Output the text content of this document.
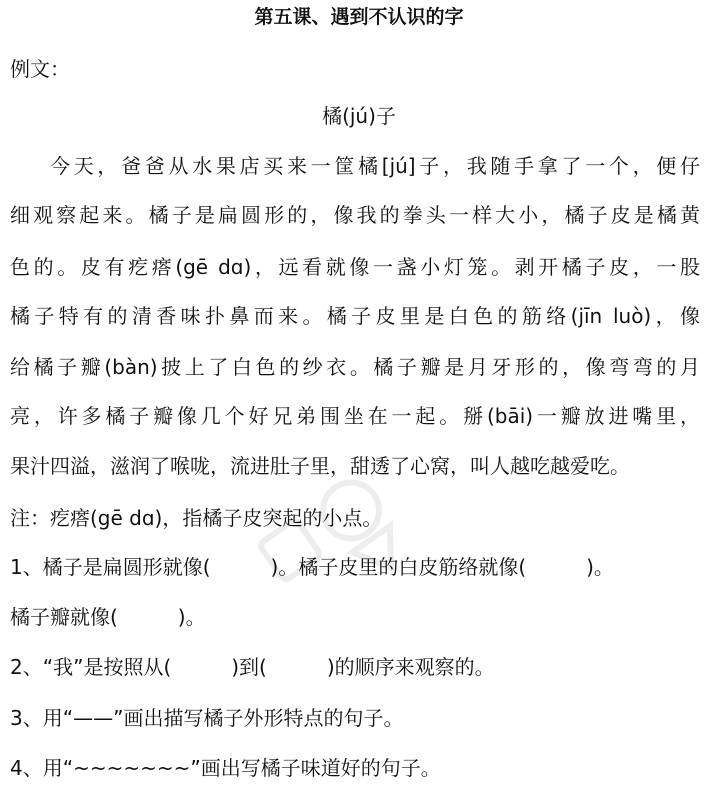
第五课、遇到不认识的字
例文：
橘(jú)子
今天，爸爸从水果店买来一筐橘[jú]子，我随手拿了一个，便仔
细观察起来。橘子是扁圆形的，像我的拳头一样大小，橘子皮是橘黄
色的。皮有疙瘩(gē dɑ)，远看就像一盏小灯笼。剥开橘子皮，一股
橘子特有的清香味扑鼻而来。橘子皮里是白色的筋络(jīn luò)，像
给橘子瓣(bàn)披上了白色的纱衣。橘子瓣是月牙形的，像弯弯的月
亮，许多橘子瓣像几个好兄弟围坐在一起。掰(bāi)一瓣放进嘴里，
果汁四溢，滋润了喉咙，流进肚子里，甜透了心窝，叫人越吃越爱吃。
注：疙瘩(gē dɑ)，指橘子皮突起的小点。
1、橘子是扁圆形就像(　　　)。橘子皮里的白皮筋络就像(　　　)。
橘子瓣就像(　　　)。
2、“我”是按照从(　　　)到(　　　)的顺序来观察的。
3、用“——”画出描写橘子外形特点的句子。
4、用“~~~~~~~”画出写橘子味道好的句子。
